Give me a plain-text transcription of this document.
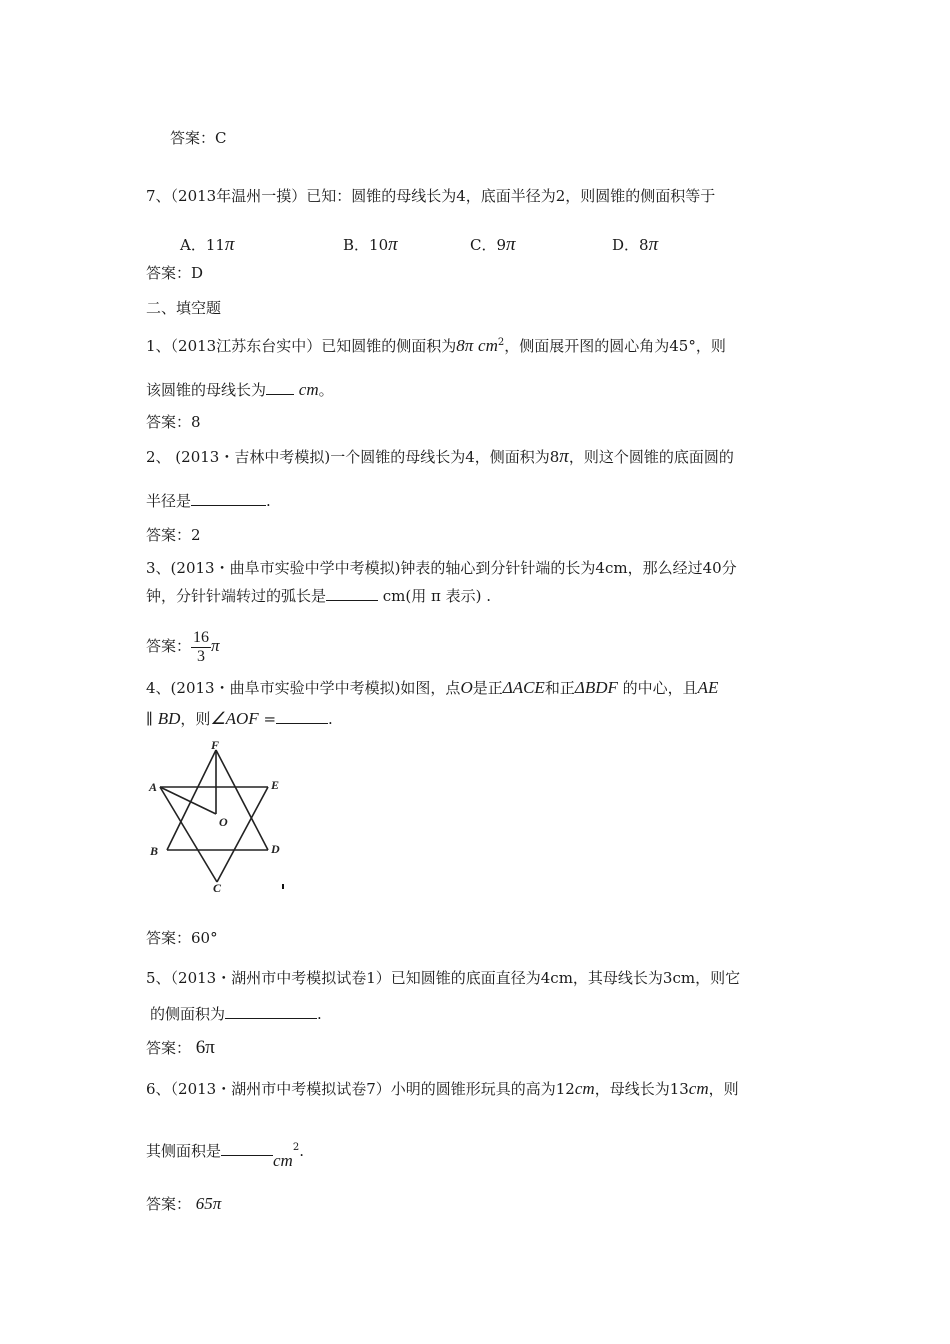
答案：C
7、（2013年温州一摸）已知：圆锥的母线长为4，底面半径为2，则圆锥的侧面积等于
A．11π	B．10π	C．9π	D．8π
答案：D
二、填空题
1、（2013江苏东台实中）已知圆锥的侧面积为8π $cm^2$，侧面展开图的圆心角为45°，则
该圆锥的母线长为 cm。
答案：8
2、 (2013・吉林中考模拟)一个圆锥的母线长为4，侧面积为8π，则这个圆锥的底面圆的
半径是	.
答案：2
3、(2013・曲阜市实验中学中考模拟)钟表的轴心到分针针端的长为4cm，那么经过40分
钟，分针针端转过的弧长是	cm(用 π 表示) .
答案： $\frac{16}{3}$ π
4、(2013・曲阜市实验中学中考模拟)如图，点O是正ΔACE和正ΔBDF 的中心，且AE
∥ BD，则∠AOF =	.
F
A	E
O
B	D
C
答案：60°
5、（2013・湖州市中考模拟试卷1）已知圆锥的底面直径为4cm，其母线长为3cm，则它
的侧面积为	.
答案： 6π
6、（2013・湖州市中考模拟试卷7）小明的圆锥形玩具的高为12cm，母线长为13cm，则
其侧面积是	$cm^2$.
答案： 65π
